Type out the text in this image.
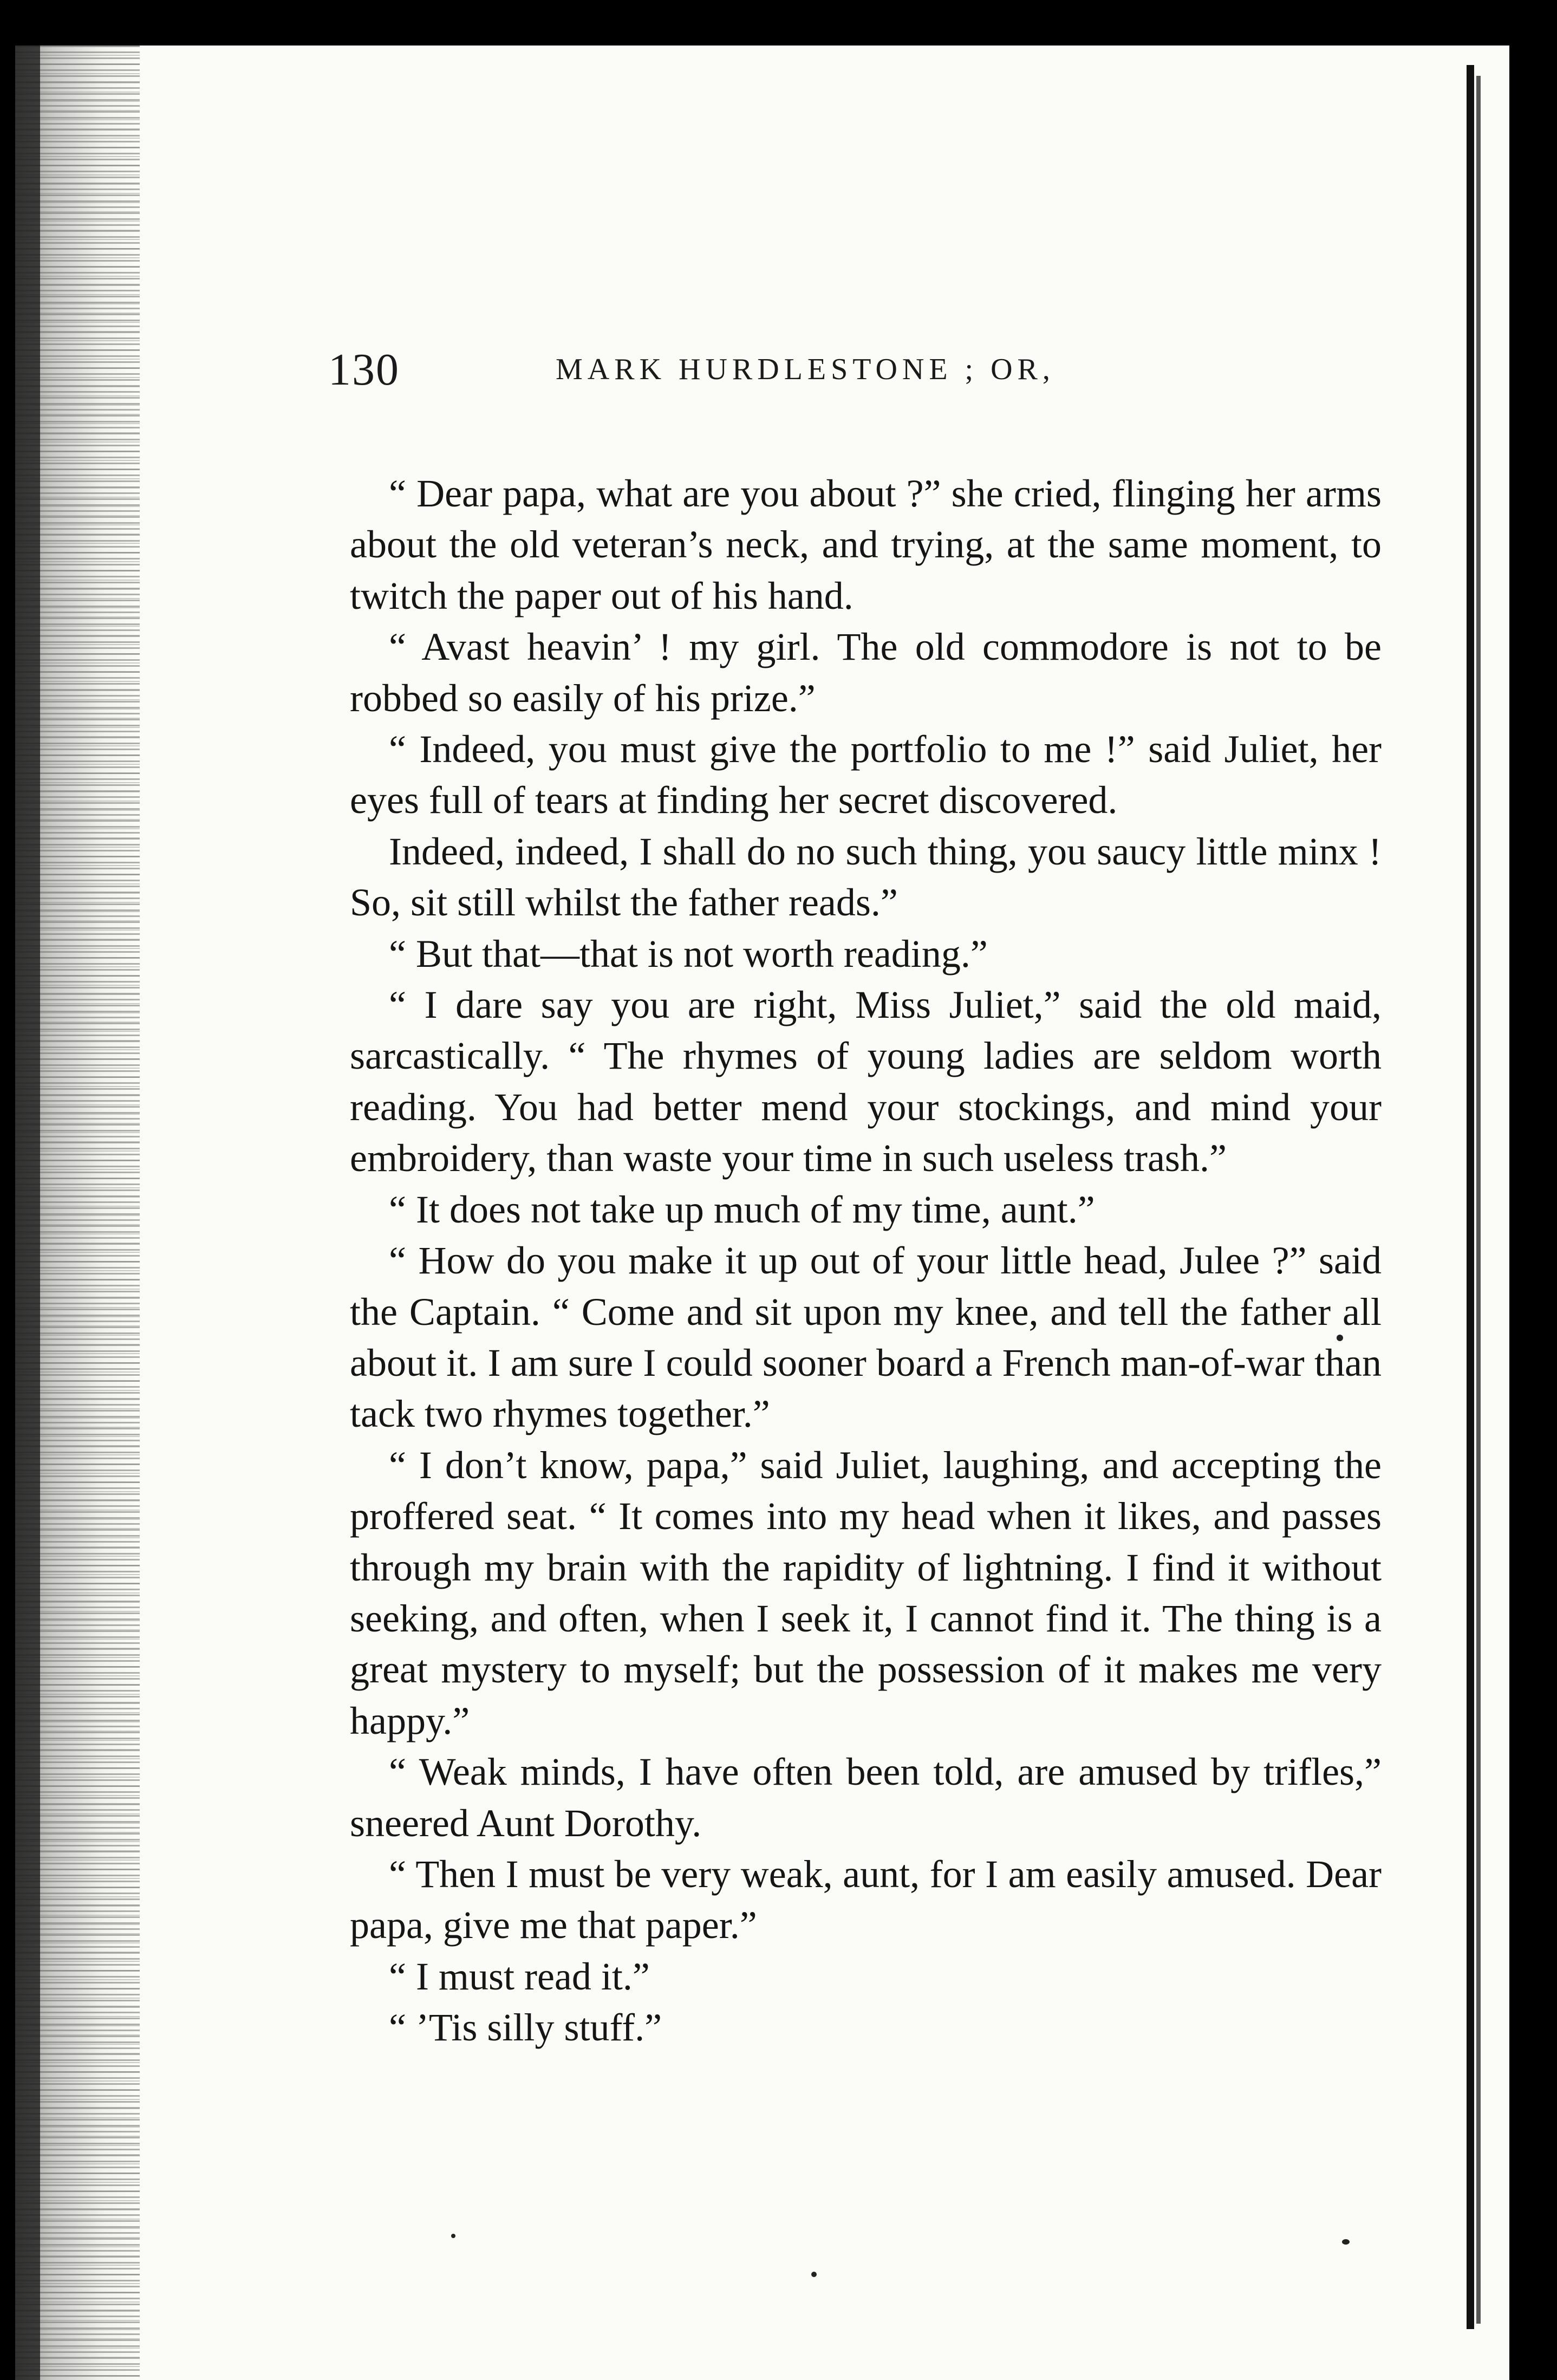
130	MARK HURDLESTONE ; OR,

“ Dear papa, what are you about ?” she cried, flinging her arms about the old veteran’s neck, and trying, at the same moment, to twitch the paper out of his hand.

“ Avast heavin’ ! my girl. The old commodore is not to be robbed so easily of his prize.”

“ Indeed, you must give the portfolio to me !” said Juliet, her eyes full of tears at finding her secret discovered.

Indeed, indeed, I shall do no such thing, you saucy little minx ! So, sit still whilst the father reads.”

“ But that—that is not worth reading.”

“ I dare say you are right, Miss Juliet,” said the old maid, sarcastically. “ The rhymes of young ladies are seldom worth reading. You had better mend your stockings, and mind your embroidery, than waste your time in such useless trash.”

“ It does not take up much of my time, aunt.”

“ How do you make it up out of your little head, Julee ?” said the Captain. “ Come and sit upon my knee, and tell the father all about it. I am sure I could sooner board a French man-of-war than tack two rhymes together.”

“ I don’t know, papa,” said Juliet, laughing, and accepting the proffered seat. “ It comes into my head when it likes, and passes through my brain with the rapidity of lightning. I find it without seeking, and often, when I seek it, I cannot find it. The thing is a great mystery to myself; but the possession of it makes me very happy.”

“ Weak minds, I have often been told, are amused by trifles,” sneered Aunt Dorothy.

“ Then I must be very weak, aunt, for I am easily amused. Dear papa, give me that paper.”

“ I must read it.”

“ ’Tis silly stuff.”
